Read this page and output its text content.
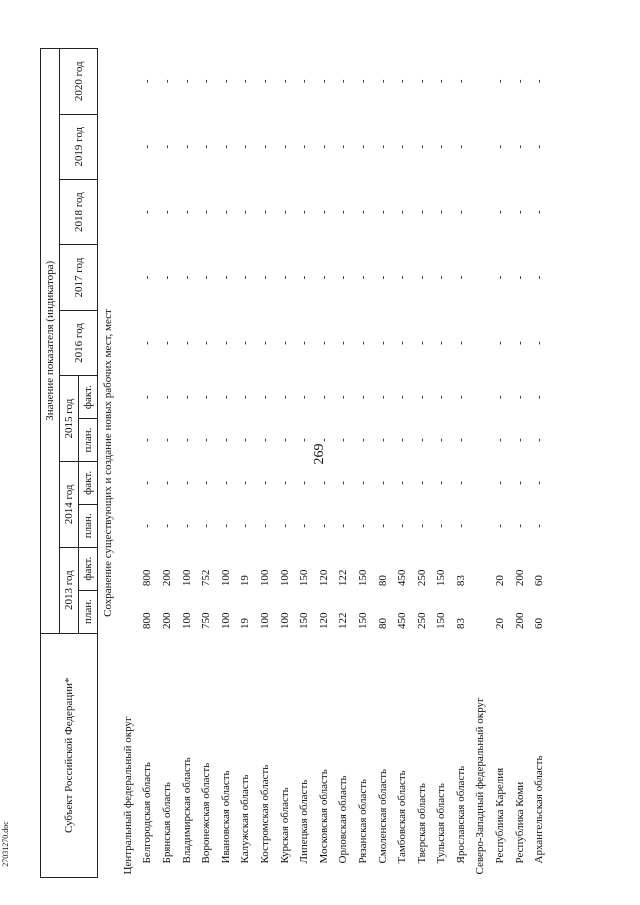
269
Субъект Российской Федерации*	Значение показателя (индикатора)										
	2013 год		2014 год		2015 год		2016 год	2017 год	2018 год	2019 год	2020 год
	план.	факт.	план.	факт.	план.	факт.					
Сохранение существующих и создание новых рабочих мест, мест											
Центральный федеральный округ											
Белгородская область	800	800	-	-	-	-	-	-	-	-	-
Брянская область	200	200	-	-	-	-	-	-	-	-	-
Владимирская область	100	100	-	-	-	-	-	-	-	-	-
Воронежская область	750	752	-	-	-	-	-	-	-	-	-
Ивановская область	100	100	-	-	-	-	-	-	-	-	-
Калужская область	19	19	-	-	-	-	-	-	-	-	-
Костромская область	100	100	-	-	-	-	-	-	-	-	-
Курская область	100	100	-	-	-	-	-	-	-	-	-
Липецкая область	150	150	-	-	-	-	-	-	-	-	-
Московская область	120	120	-	-	-	-	-	-	-	-	-
Орловская область	122	122	-	-	-	-	-	-	-	-	-
Рязанская область	150	150	-	-	-	-	-	-	-	-	-
Смоленская область	80	80	-	-	-	-	-	-	-	-	-
Тамбовская область	450	450	-	-	-	-	-	-	-	-	-
Тверская область	250	250	-	-	-	-	-	-	-	-	-
Тульская область	150	150	-	-	-	-	-	-	-	-	-
Ярославская область	83	83	-	-	-	-	-	-	-	-	-
Северо-Западный федеральный округ											
Республика Карелия	20	20	-	-	-	-	-	-	-	-	-
Республика Коми	200	200	-	-	-	-	-	-	-	-	-
Архангельская область	60	60	-	-	-	-	-	-	-	-	-
27031270.doc
